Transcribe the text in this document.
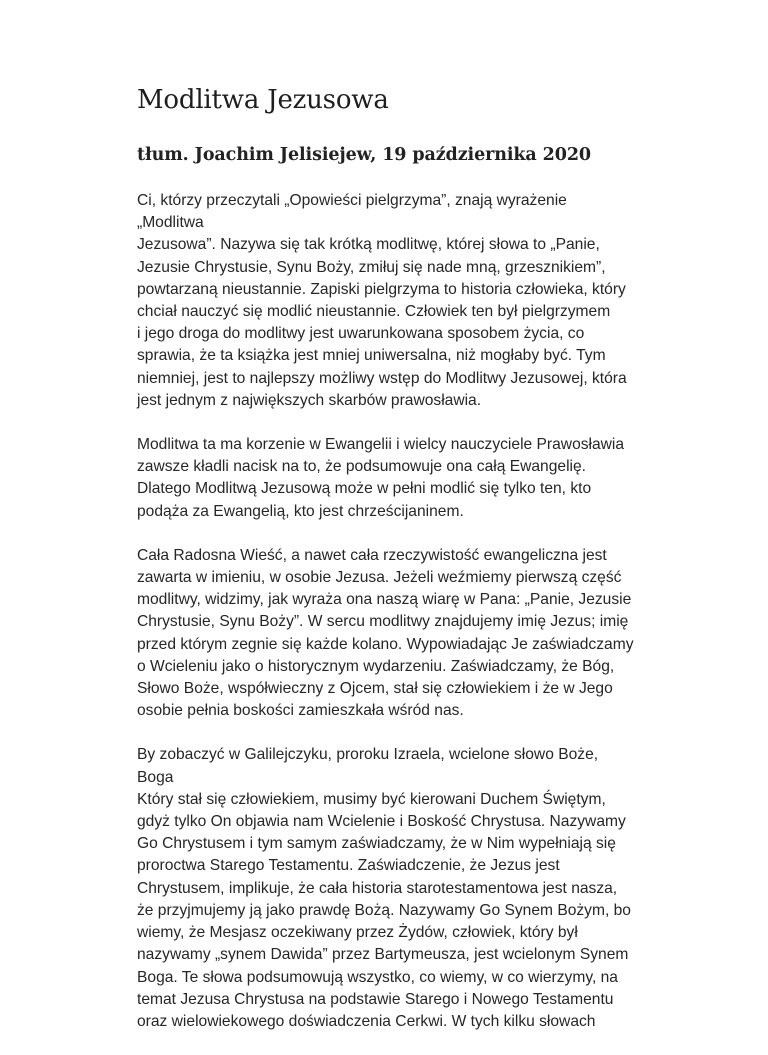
Modlitwa Jezusowa
tłum. Joachim Jelisiejew, 19 października 2020

Ci, którzy przeczytali „Opowieści pielgrzyma”, znają wyrażenie „Modlitwa
Jezusowa”. Nazywa się tak krótką modlitwę, której słowa to „Panie,
Jezusie Chrystusie, Synu Boży, zmiłuj się nade mną, grzesznikiem”,
powtarzaną nieustannie. Zapiski pielgrzyma to historia człowieka, który
chciał nauczyć się modlić nieustannie. Człowiek ten był pielgrzymem
i jego droga do modlitwy jest uwarunkowana sposobem życia, co
sprawia, że ta książka jest mniej uniwersalna, niż mogłaby być. Tym
niemniej, jest to najlepszy możliwy wstęp do Modlitwy Jezusowej, która
jest jednym z największych skarbów prawosławia.

Modlitwa ta ma korzenie w Ewangelii i wielcy nauczyciele Prawosławia
zawsze kładli nacisk na to, że podsumowuje ona całą Ewangelię.
Dlatego Modlitwą Jezusową może w pełni modlić się tylko ten, kto
podąża za Ewangelią, kto jest chrześcijaninem.

Cała Radosna Wieść, a nawet cała rzeczywistość ewangeliczna jest
zawarta w imieniu, w osobie Jezusa. Jeżeli weźmiemy pierwszą część
modlitwy, widzimy, jak wyraża ona naszą wiarę w Pana: „Panie, Jezusie
Chrystusie, Synu Boży”. W sercu modlitwy znajdujemy imię Jezus; imię
przed którym zegnie się każde kolano. Wypowiadając Je zaświadczamy
o Wcieleniu jako o historycznym wydarzeniu. Zaświadczamy, że Bóg,
Słowo Boże, współwieczny z Ojcem, stał się człowiekiem i że w Jego
osobie pełnia boskości zamieszkała wśród nas.

By zobaczyć w Galilejczyku, proroku Izraela, wcielone słowo Boże, Boga
Który stał się człowiekiem, musimy być kierowani Duchem Świętym,
gdyż tylko On objawia nam Wcielenie i Boskość Chrystusa. Nazywamy
Go Chrystusem i tym samym zaświadczamy, że w Nim wypełniają się
proroctwa Starego Testamentu. Zaświadczenie, że Jezus jest
Chrystusem, implikuje, że cała historia starotestamentowa jest nasza,
że przyjmujemy ją jako prawdę Bożą. Nazywamy Go Synem Bożym, bo
wiemy, że Mesjasz oczekiwany przez Żydów, człowiek, który był
nazywamy „synem Dawida” przez Bartymeusza, jest wcielonym Synem
Boga. Te słowa podsumowują wszystko, co wiemy, w co wierzymy, na
temat Jezusa Chrystusa na podstawie Starego i Nowego Testamentu
oraz wielowiekowego doświadczenia Cerkwi. W tych kilku słowach
